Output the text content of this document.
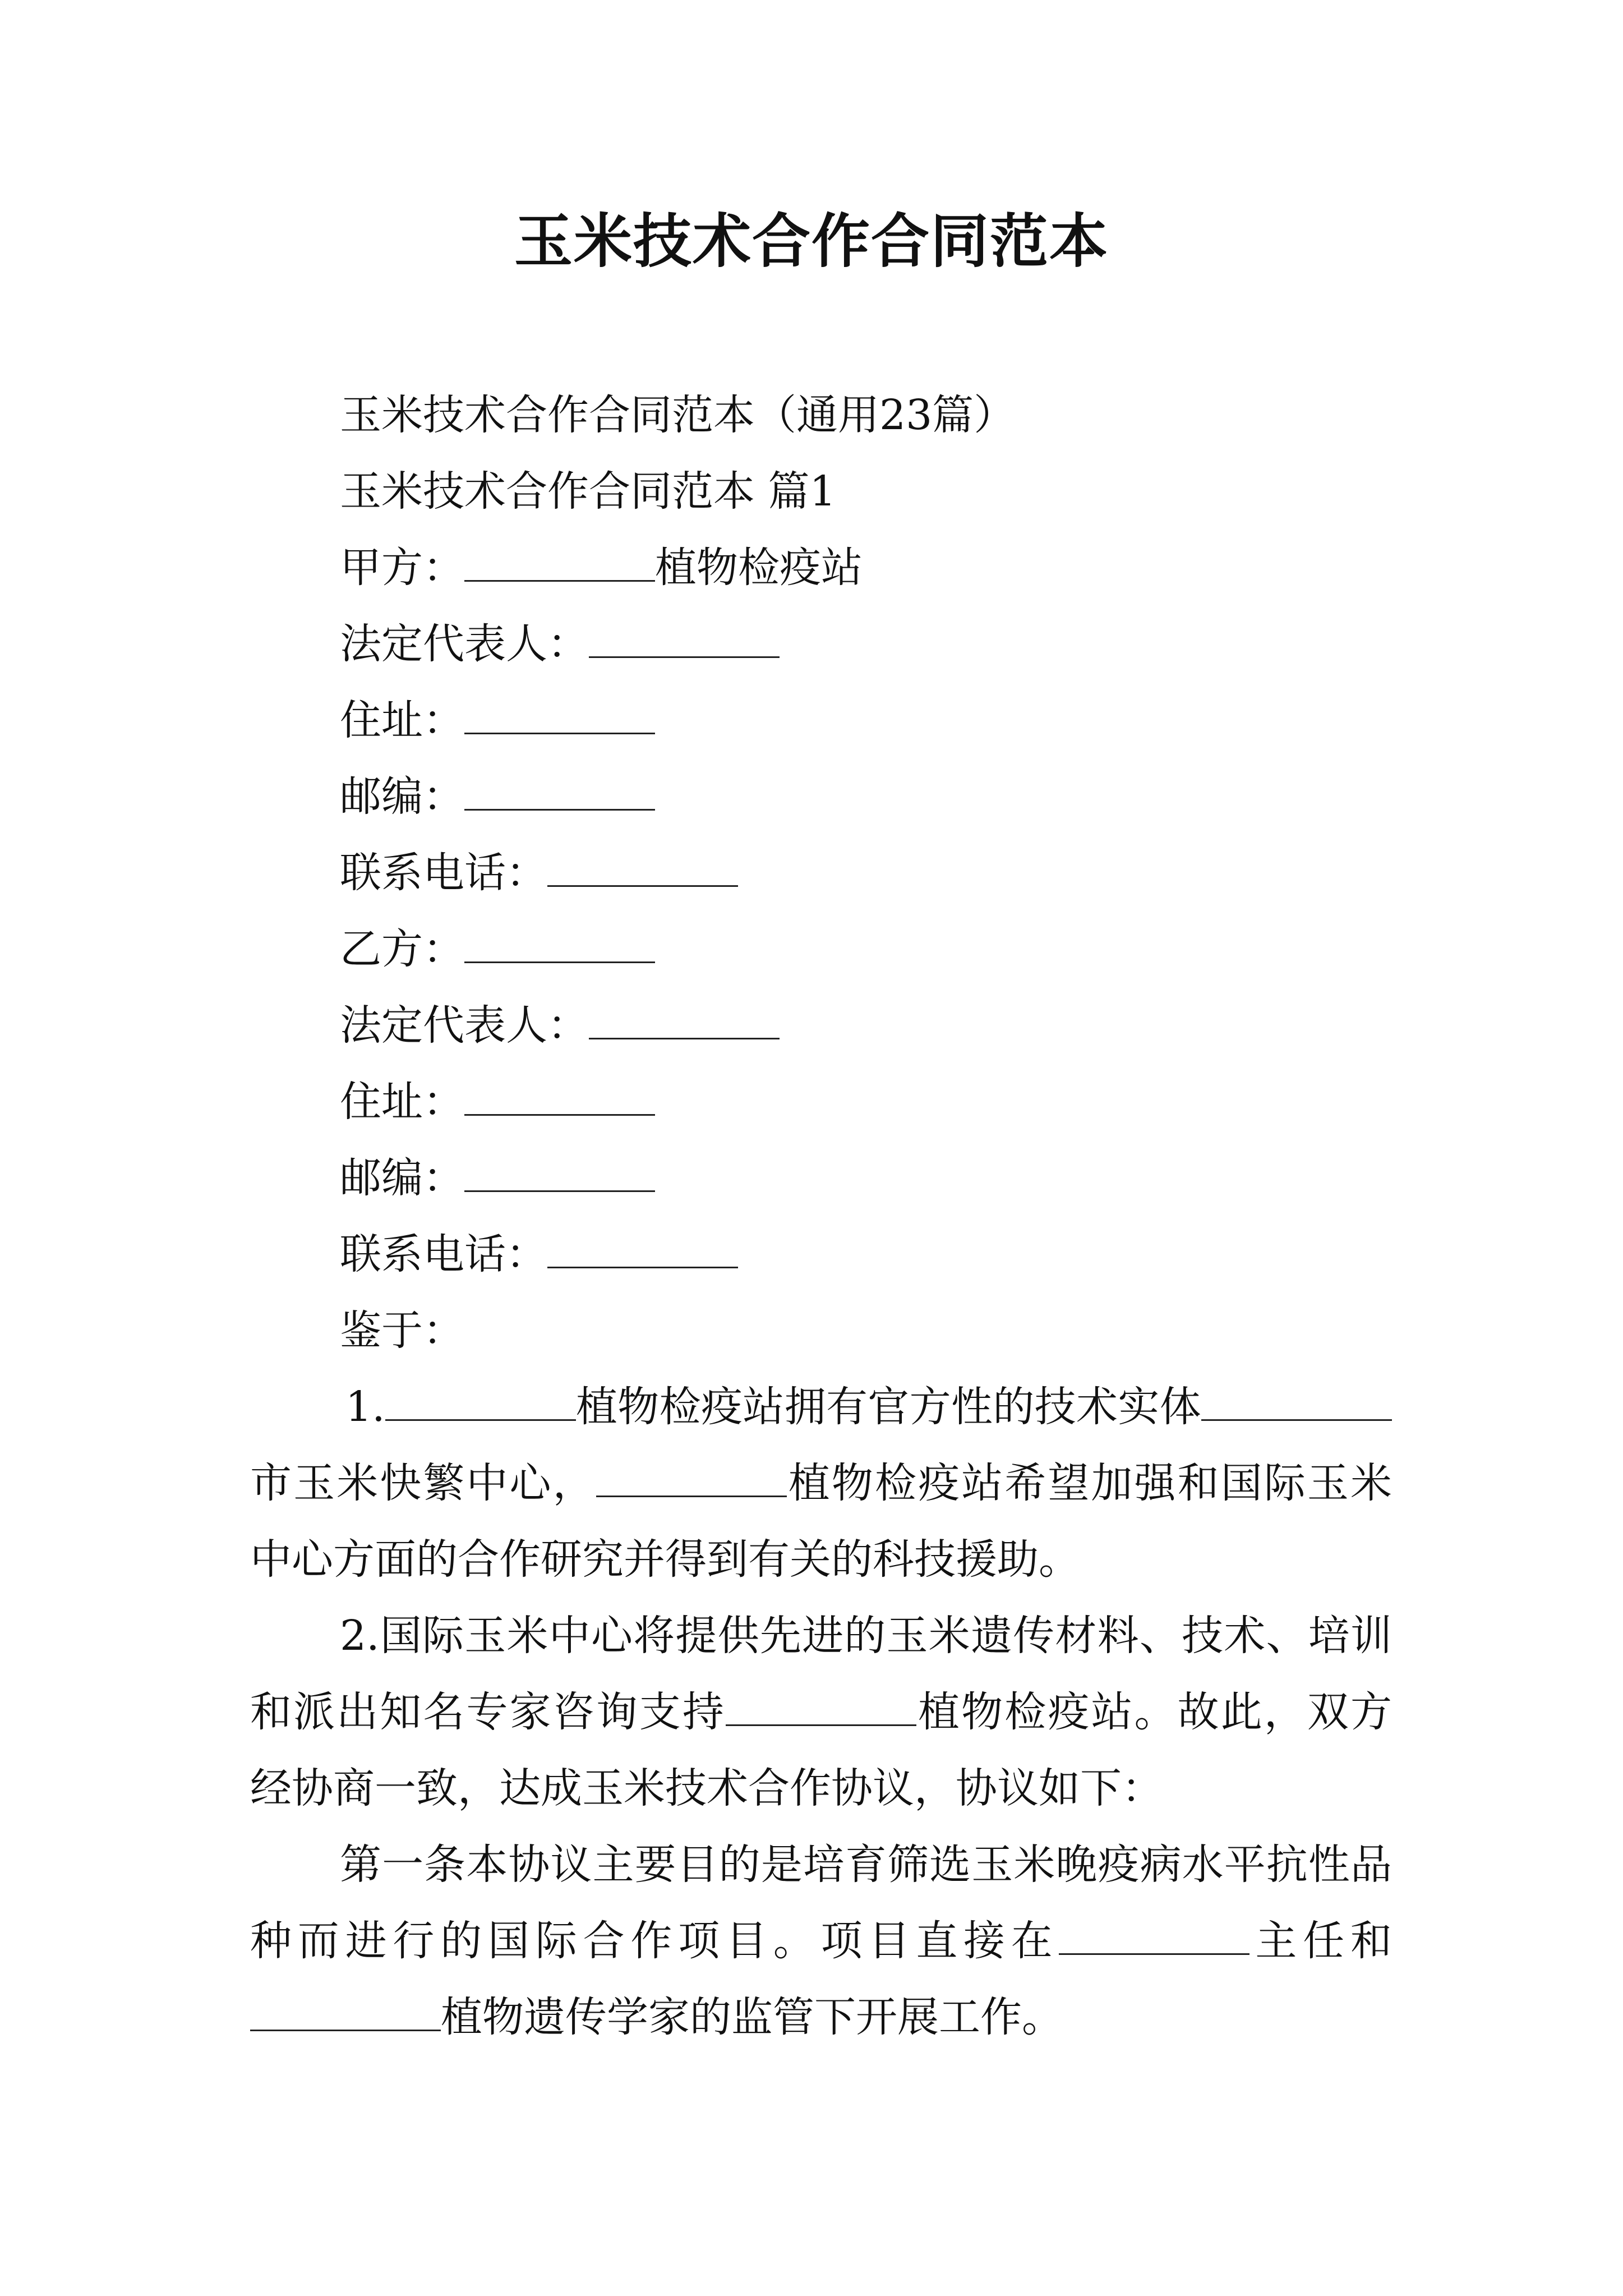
玉米技术合作合同范本
玉米技术合作合同范本（通用23篇）
玉米技术合作合同范本 篇1
甲方：	植物检疫站
法定代表人：
住址：
邮编：
联系电话：
乙方：
法定代表人：
住址：
邮编：
联系电话：
鉴于：

1.	植物检疫站拥有官方性的技术实体市玉米快繁中心，	植物检疫站希望加强和国际玉米中心方面的合作研究并得到有关的科技援助。

2.国际玉米中心将提供先进的玉米遗传材料、技术、培训和派出知名专家咨询支持	植物检疫站。故此，双方经协商一致，达成玉米技术合作协议，协议如下：

第一条本协议主要目的是培育筛选玉米晚疫病水平抗性品种而进行的国际合作项目。项目直接在	主任和植物遗传学家的监管下开展工作。
